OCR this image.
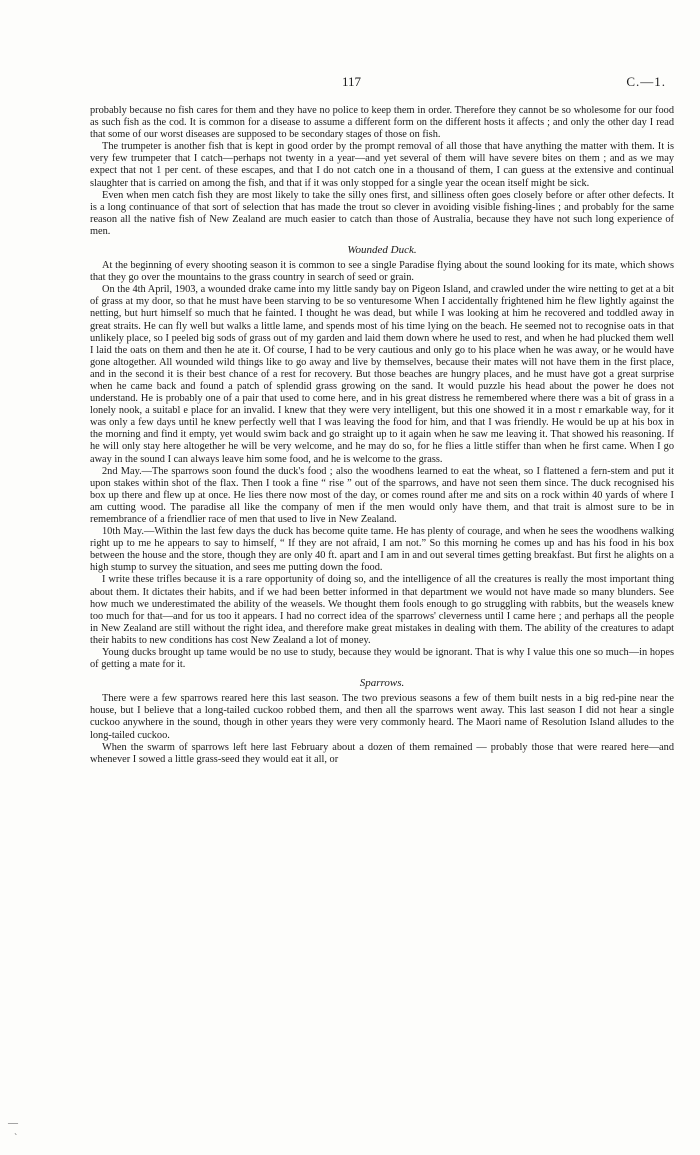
117	C.—1.

probably because no fish cares for them and they have no police to keep them in order. Therefore they cannot be so wholesome for our food as such fish as the cod. It is common for a disease to assume a different form on the different hosts it affects ; and only the other day I read that some of our worst diseases are supposed to be secondary stages of those on fish.

The trumpeter is another fish that is kept in good order by the prompt removal of all those that have anything the matter with them. It is very few trumpeter that I catch—perhaps not twenty in a year—and yet several of them will have severe bites on them ; and as we may expect that not 1 per cent. of these escapes, and that I do not catch one in a thousand of them, I can guess at the extensive and continual slaughter that is carried on among the fish, and that if it was only stopped for a single year the ocean itself might be sick.

Even when men catch fish they are most likely to take the silly ones first, and silliness often goes closely before or after other defects. It is a long continuance of that sort of selection that has made the trout so clever in avoiding visible fishing-lines ; and probably for the same reason all the native fish of New Zealand are much easier to catch than those of Australia, because they have not such long experience of men.

Wounded Duck.

At the beginning of every shooting season it is common to see a single Paradise flying about the sound looking for its mate, which shows that they go over the mountains to the grass country in search of seed or grain.

On the 4th April, 1903, a wounded drake came into my little sandy bay on Pigeon Island, and crawled under the wire netting to get at a bit of grass at my door, so that he must have been starving to be so venturesome When I accidentally frightened him he flew lightly against the netting, but hurt himself so much that he fainted. I thought he was dead, but while I was looking at him he recovered and toddled away in great straits. He can fly well but walks a little lame, and spends most of his time lying on the beach. He seemed not to recognise oats in that unlikely place, so I peeled big sods of grass out of my garden and laid them down where he used to rest, and when he had plucked them well I laid the oats on them and then he ate it. Of course, I had to be very cautious and only go to his place when he was away, or he would have gone altogether. All wounded wild things like to go away and live by themselves, because their mates will not have them in the first place, and in the second it is their best chance of a rest for recovery. But those beaches are hungry places, and he must have got a great surprise when he came back and found a patch of splendid grass growing on the sand. It would puzzle his head about the power he does not understand. He is probably one of a pair that used to come here, and in his great distress he remembered where there was a bit of grass in a lonely nook, a suitabl e place for an invalid. I knew that they were very intelligent, but this one showed it in a most r emarkable way, for it was only a few days until he knew perfectly well that I was leaving the food for him, and that I was friendly. He would be up at his box in the morning and find it empty, yet would swim back and go straight up to it again when he saw me leaving it. That showed his reasoning. If he will only stay here altogether he will be very welcome, and he may do so, for he flies a little stiffer than when he first came. When I go away in the sound I can always leave him some food, and he is welcome to the grass.

2nd May.—The sparrows soon found the duck's food ; also the woodhens learned to eat the wheat, so I flattened a fern-stem and put it upon stakes within shot of the flax. Then I took a fine “ rise ” out of the sparrows, and have not seen them since. The duck recognised his box up there and flew up at once. He lies there now most of the day, or comes round after me and sits on a rock within 40 yards of where I am cutting wood. The paradise all like the company of men if the men would only have them, and that trait is almost sure to be in remembrance of a friendlier race of men that used to live in New Zealand.

10th May.—Within the last few days the duck has become quite tame. He has plenty of courage, and when he sees the woodhens walking right up to me he appears to say to himself, “ If they are not afraid, I am not.” So this morning he comes up and has his food in his box between the house and the store, though they are only 40 ft. apart and I am in and out several times getting breakfast. But first he alights on a high stump to survey the situation, and sees me putting down the food.

I write these trifles because it is a rare opportunity of doing so, and the intelligence of all the creatures is really the most important thing about them. It dictates their habits, and if we had been better informed in that department we would not have made so many blunders. See how much we underestimated the ability of the weasels. We thought them fools enough to go struggling with rabbits, but the weasels knew too much for that—and for us too it appears. I had no correct idea of the sparrows' cleverness until I came here ; and perhaps all the people in New Zealand are still without the right idea, and therefore make great mistakes in dealing with them. The ability of the creatures to adapt their habits to new conditions has cost New Zealand a lot of money.

Young ducks brought up tame would be no use to study, because they would be ignorant. That is why I value this one so much—in hopes of getting a mate for it.

Sparrows.

There were a few sparrows reared here this last season. The two previous seasons a few of them built nests in a big red-pine near the house, but I believe that a long-tailed cuckoo robbed them, and then all the sparrows went away. This last season I did not hear a single cuckoo anywhere in the sound, though in other years they were very commonly heard. The Maori name of Resolution Island alludes to the long-tailed cuckoo.

When the swarm of sparrows left here last February about a dozen of them remained — probably those that were reared here—and whenever I sowed a little grass-seed they would eat it all, or

—
`
